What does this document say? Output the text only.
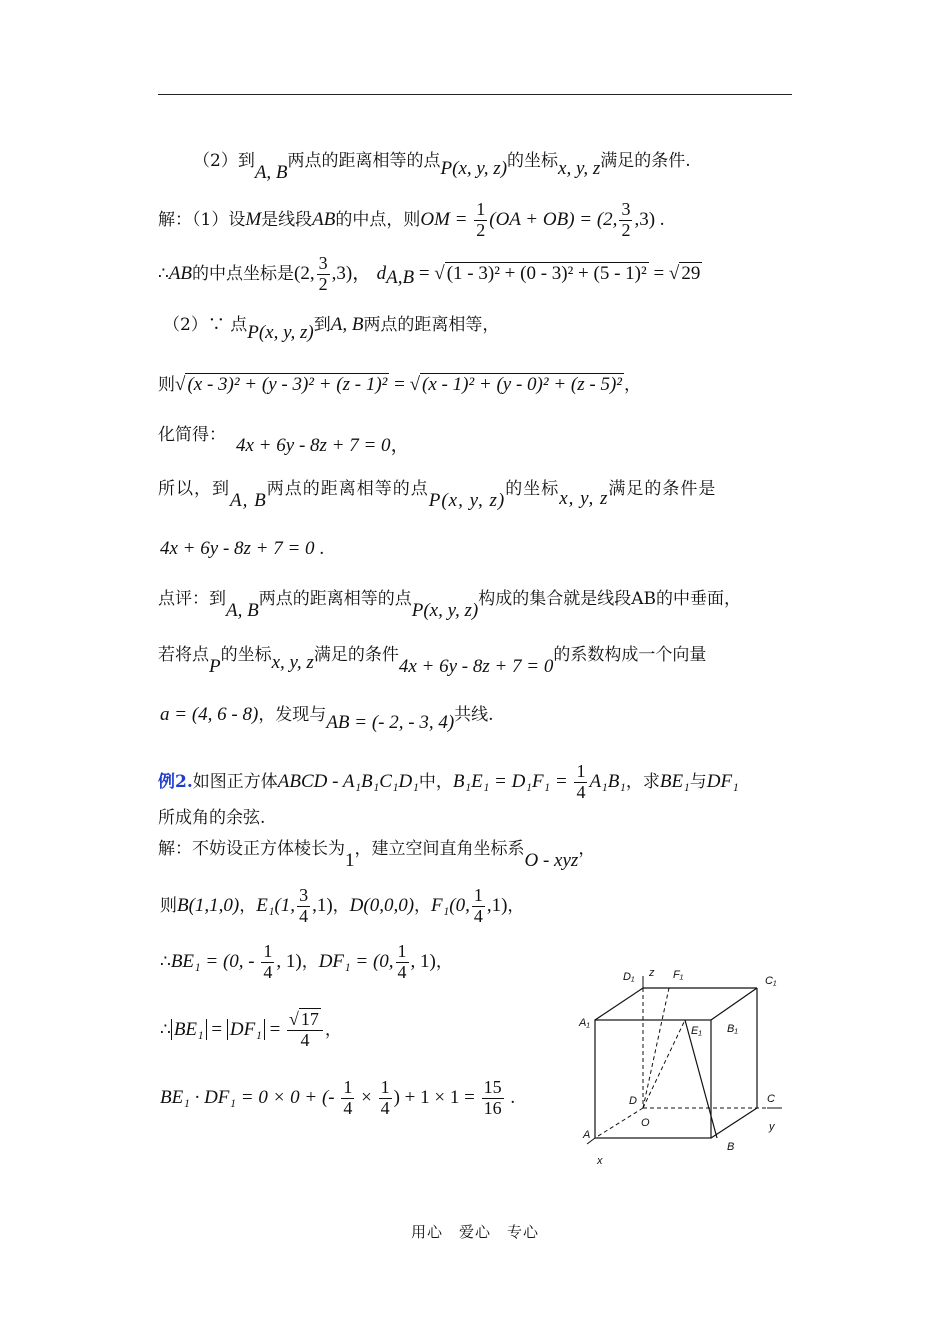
（2）到A, B两点的距离相等的点P(x, y, z)的坐标x, y, z满足的条件.
解：（1）设M是线段AB的中点，则OM = $\frac{1}{2} (OA + OB) = (2$, $\frac{3}{2} ,3$) .
∴AB的中点坐标是(2, $\frac{3}{2} ,3$)， $d_{A,B}$ = √ (1 - 3)² + (0 - 3)² + (5 - 1)² = √ 29
（2）∵ 点P(x, y, z)到A, B两点的距离相等，
则√ (x - 3)² + (y - 3)² + (z - 1)² = √ (x - 1)² + (y - 0)² + (z - 5)² ，
化简得： 4x + 6y - 8z + 7 = 0，
所以，到A, B两点的距离相等的点P(x, y, z)的坐标x, y, z满足的条件是
4x + 6y - 8z + 7 = 0 .
点评：到A, B两点的距离相等的点P(x, y, z)构成的集合就是线段AB的中垂面，
若将点P的坐标x, y, z满足的条件4x + 6y - 8z + 7 = 0的系数构成一个向量
a = (4, 6 - 8)，发现与AB = (- 2, - 3, 4)共线.
例2.如图正方体ABCD - A₁B₁C₁D₁中，$B_1E_1 = D_1F_1 = \frac{1}{4} A_1B_1$，求BE₁与DF₁
所成角的余弦.
解：不妨设正方体棱长为1，建立空间直角坐标系O - xyz，
则B(1,1,0)，E₁(1, $\frac{3}{4} ,1$)，D(0,0,0)，F₁(0, $\frac{1}{4} ,1$)，
∴BE₁ = (0, - $\frac{1}{4}$ , 1)，DF₁ = (0, $\frac{1}{4}$ , 1)，
∴ $BE_1 = DF_1 = \frac{√ 17}{4}$ ，
BE₁ · DF₁ = 0 × 0 + (- $\frac{1}{4} \times \frac{1}{4}$ ) + $1 \times 1 = \frac{15}{16}$ .
D₁ z F₁	C₁
A₁
E₁ B₁
D	C
O	y
A
B
x
用心　爱心　专心
